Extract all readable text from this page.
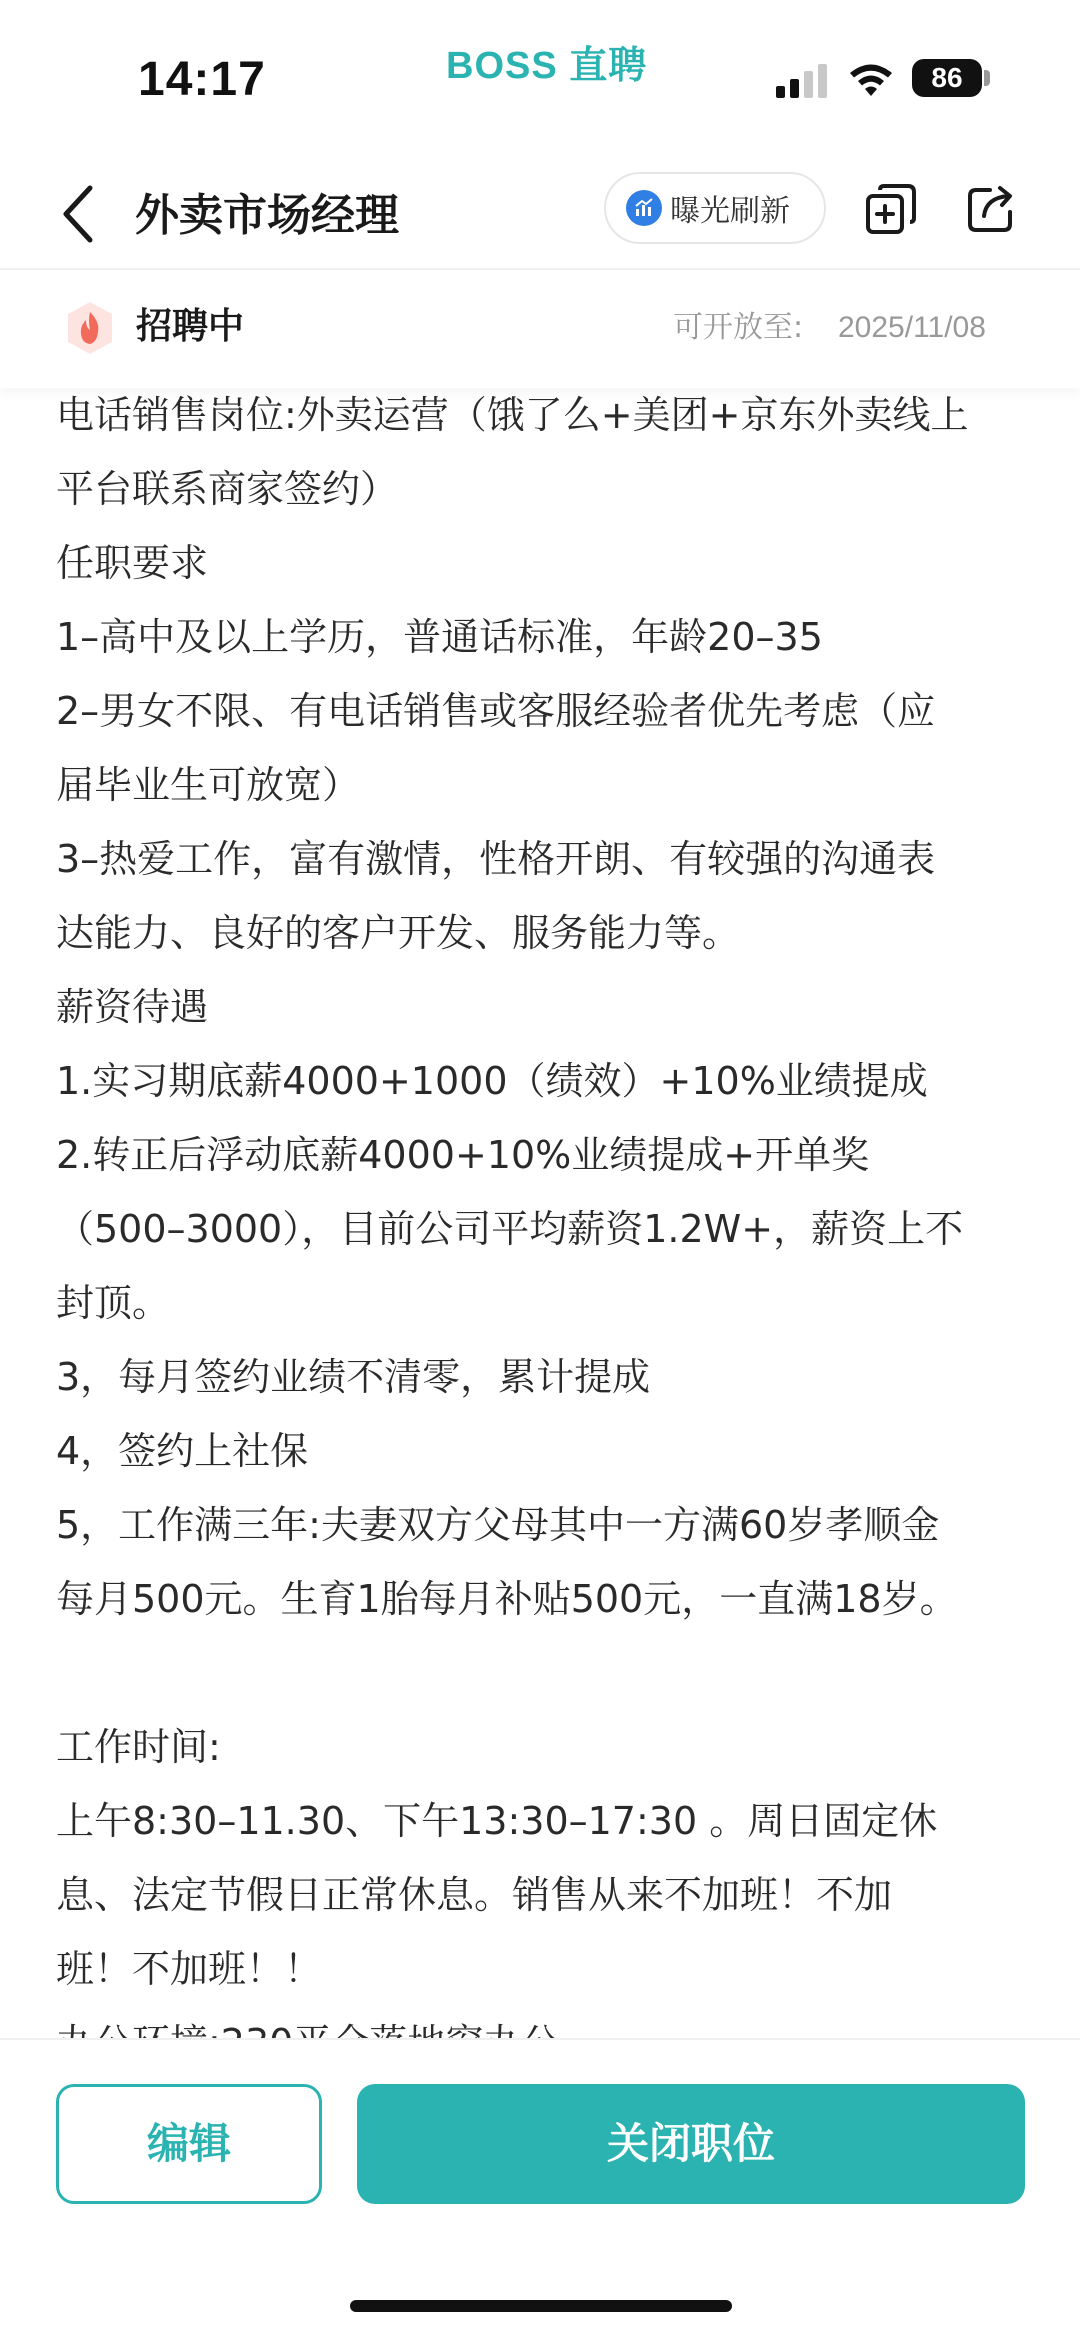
14:17	BOSS 直聘	86
外卖市场经理	曝光刷新
招聘中	可开放至: 2025/11/08
电话销售岗位:外卖运营（饿了么+美团+京东外卖线上
平台联系商家签约）
任职要求
1–高中及以上学历，普通话标准，年龄20–35
2–男女不限、有电话销售或客服经验者优先考虑（应
届毕业生可放宽）
3–热爱工作，富有激情，性格开朗、有较强的沟通表
达能力、良好的客户开发、服务能力等。
薪资待遇
1.实习期底薪4000+1000（绩效）+10%业绩提成
2.转正后浮动底薪4000+10%业绩提成+开单奖
（500–3000），目前公司平均薪资1.2W+，薪资上不
封顶。
3，每月签约业绩不清零，累计提成
4，签约上社保
5，工作满三年:夫妻双方父母其中一方满60岁孝顺金
每月500元。生育1胎每月补贴500元，一直满18岁。
工作时间:
上午8:30–11.30、下午13:30–17:30 。周日固定休
息、法定节假日正常休息。销售从来不加班！不加
班！不加班！！
编辑	关闭职位
